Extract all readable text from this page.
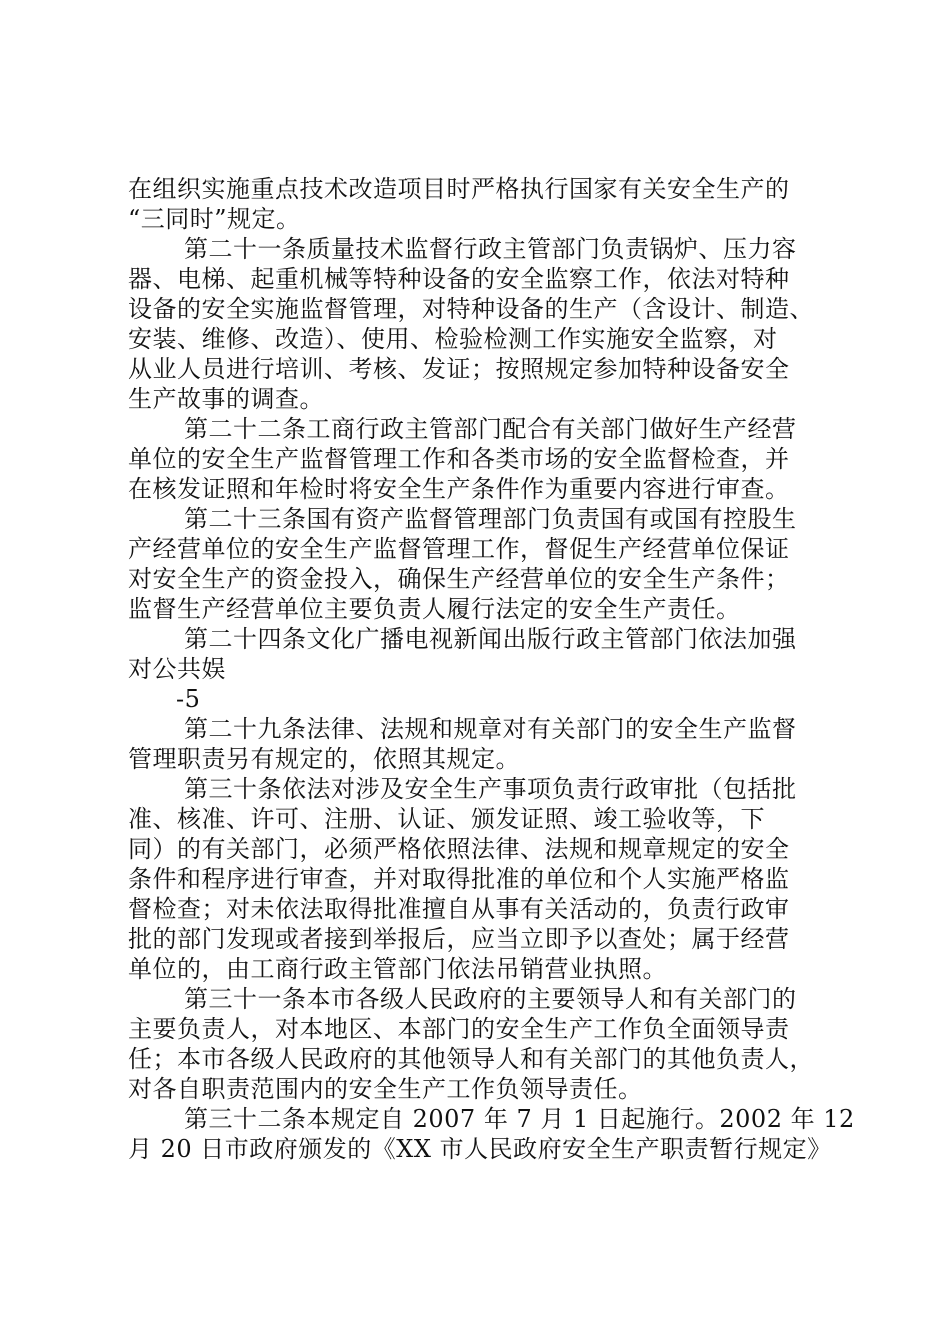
在组织实施重点技术改造项目时严格执行国家有关安全生产的
“三同时”规定。
第二十一条质量技术监督行政主管部门负责锅炉、压力容
器、电梯、起重机械等特种设备的安全监察工作，依法对特种
设备的安全实施监督管理，对特种设备的生产（含设计、制造、
安装、维修、改造）、使用、检验检测工作实施安全监察，对
从业人员进行培训、考核、发证；按照规定参加特种设备安全
生产故事的调查。
第二十二条工商行政主管部门配合有关部门做好生产经营
单位的安全生产监督管理工作和各类市场的安全监督检查，并
在核发证照和年检时将安全生产条件作为重要内容进行审查。
第二十三条国有资产监督管理部门负责国有或国有控股生
产经营单位的安全生产监督管理工作，督促生产经营单位保证
对安全生产的资金投入，确保生产经营单位的安全生产条件；
监督生产经营单位主要负责人履行法定的安全生产责任。
第二十四条文化广播电视新闻出版行政主管部门依法加强
对公共娱
-5
第二十九条法律、法规和规章对有关部门的安全生产监督
管理职责另有规定的，依照其规定。
第三十条依法对涉及安全生产事项负责行政审批（包括批
准、核准、许可、注册、认证、颁发证照、竣工验收等，下
同）的有关部门，必须严格依照法律、法规和规章规定的安全
条件和程序进行审查，并对取得批准的单位和个人实施严格监
督检查；对未依法取得批准擅自从事有关活动的，负责行政审
批的部门发现或者接到举报后，应当立即予以查处；属于经营
单位的，由工商行政主管部门依法吊销营业执照。
第三十一条本市各级人民政府的主要领导人和有关部门的
主要负责人，对本地区、本部门的安全生产工作负全面领导责
任；本市各级人民政府的其他领导人和有关部门的其他负责人，
对各自职责范围内的安全生产工作负领导责任。
第三十二条本规定自 2007 年 7 月 1 日起施行。2002 年 12
月 20 日市政府颁发的《XX 市人民政府安全生产职责暂行规定》
